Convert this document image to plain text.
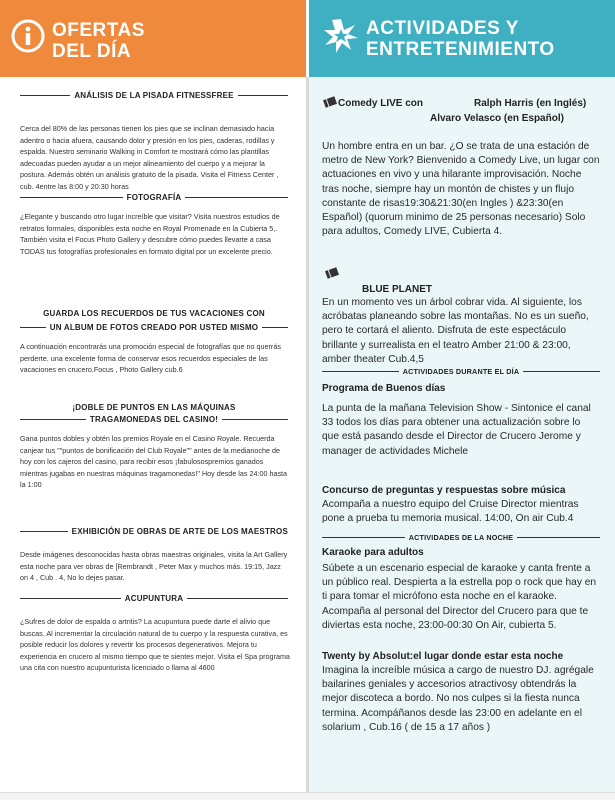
OFERTAS
DEL DÍA
ACTIVIDADES Y
ENTRETENIMIENTO
ANÁLISIS DE LA PISADA FITNESSFREE
Cerca del 80% de las personas tienen los pies que se inclinan demasiado hacia adentro o hacia afuera, causando dolor y presión en los pies, caderas, rodillas y espalda. Nuestro seminario Walking in Comfort te mostrará cómo las plantillas adecuadas pueden ayudar a un mejor alineamiento del cuerpo y a mejorar la postura. Además obtén un análisis gratuito de la pisada. Visita el Fitness Center , cub. 4entre las 8:00 y 20:30 horas
FOTOGRAFÍA
¿Elegante y buscando otro lugar increíble que visitar? Visita nuestros estudios de retratos formales, disponibles esta noche en Royal Promenade en la Cubierta 5,. También visita el Focus Photo Gallery y descubre cómo puedes llevarte a casa TODAS tus fotografías profesionales en formato digital por un excelente precio.
GUARDA LOS RECUERDOS DE TUS VACACIONES CON
UN ALBUM DE FOTOS CREADO POR USTED MISMO
A continuación encontrarás una promoción especial de fotografías que no querrás perderte. una excelente forma de conservar esos recuerdos especiales de las vacaciones en crucero.Focus , Photo Gallery cub.6
¡DOBLE DE PUNTOS EN LAS MÁQUINAS
TRAGAMONEDAS DEL CASINO!
Gana puntos dobles y obtén los premios Royale en el Casino Royale. Recuerda canjear tus ""puntos de bonificación del Club Royale"" antes de la medianoche de hoy con los cajeros del casino, para recibir esos ¡fabulosospremios ganados mientras jugabas en nuestras máquinas tragamonedas!" Hoy desde las 24:00 hasta la 1:00
EXHIBICIÓN DE OBRAS DE ARTE DE LOS MAESTROS
Desde imágenes desconocidas hasta obras maestras originales, visita la Art Gallery esta noche para ver obras de [Rembrandt , Peter Max y muchos más. 19:15, Jazz on 4 , Cub . 4, No lo dejes pasar.
ACUPUNTURA
¿Sufres de dolor de espalda o artritis? La acupuntura puede darte el alivio que buscas. Al incrementar la circulación natural de tu cuerpo y la respuesta curativa, es posible reducir los dolores y revertir los procesos degenerativos. Mejora tu experiencia en crucero al mismo tiempo que te sientes mejor. Visita el Spa programa una cita con nuestro acupunturista licenciado o llama al 4600
Comedy LIVE con	Ralph Harris (en Inglés)
Alvaro Velasco (en Español)
Un hombre entra en un bar. ¿O se trata de una estación de metro de New York? Bienvenido a Comedy Live, un lugar con actuaciones en vivo y una hilarante improvisación. Noche tras noche, siempre hay un montón de chistes y un flujo constante de risas19:30&21:30(en Ingles ) &23:30(en Español) (quorum minimo de 25 personas necesario) Solo para adultos, Comedy LIVE, Cubierta 4.
BLUE PLANET
En un momento ves un árbol cobrar vida. Al siguiente, los acróbatas planeando sobre las montañas. No es un sueño, pero te cortará el aliento. Disfruta de este espectáculo brillante y surrealista en el teatro Amber 21:00 & 23:00, amber theater Cub.4,5
ACTIVIDADES DURANTE EL DÍA
Programa de Buenos días
La punta de la mañana Television Show - Sintonice el canal 33 todos los días para obtener una actualización sobre lo que está pasando desde el Director de Crucero Jerome y manager de actividades Michele
Concurso de preguntas y respuestas sobre música
Acompaña a nuestro equipo del Cruise Director mientras pone a prueba tu memoria musical. 14:00, On air Cub.4
ACTIVIDADES DE LA NOCHE
Karaoke para adultos
Súbete a un escenario especial de karaoke y canta frente a un público real. Despierta a la estrella pop o rock que hay en ti para tomar el micrófono esta noche en el karaoke. Acompaña al personal del Director del Crucero para que te diviertas esta noche, 23:00-00:30 On Air, cubierta 5.
Twenty by Absolut:el lugar donde estar esta noche
Imagina la increíble música a cargo de nuestro DJ. agrégale bailarines geniales y accesorios atractivosy obtendrás la mejor discoteca a bordo. No nos culpes si la fiesta nunca termina. Acompáñanos desde las 23:00 en adelante en el solarium , Cub.16 ( de 15 a 17 años )
